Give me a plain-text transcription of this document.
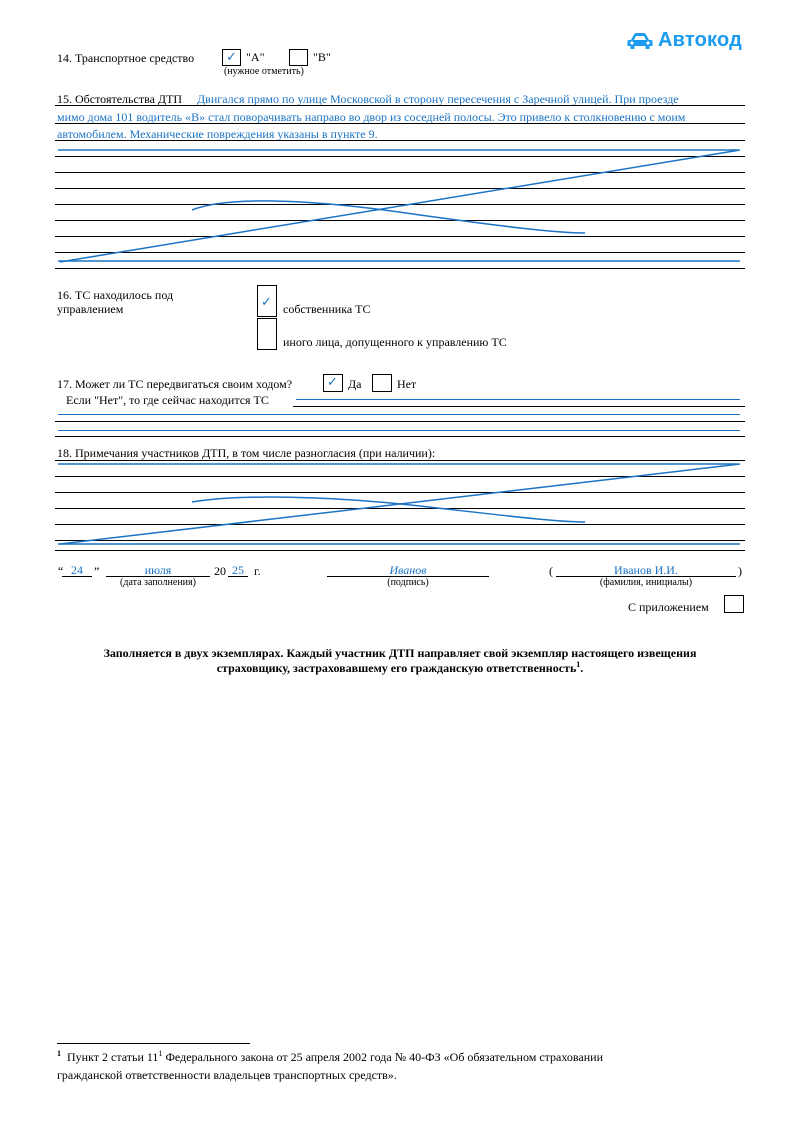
Автокод
14. Транспортное средство ✓ "А"	"В"
(нужное отметить)
15. Обстоятельства ДТП Двигался прямо по улице Московской в сторону пересечения с Заречной улицей. При проезде
мимо дома 101 водитель «В» стал поворачивать направо во двор из соседней полосы. Это привело к столкновению с моим
автомобилем. Механические повреждения указаны в пункте 9.
16. ТС находилось под
управлением	✓ собственника ТС
иного лица, допущенного к управлению ТС
17. Может ли ТС передвигаться своим ходом?	✓ Да	Нет
Если "Нет", то где сейчас находится ТС
18. Примечания участников ДТП, в том числе разногласия (при наличии):
“ 24 ”	июля	20 25 г.
(дата заполнения)
Иванов
(подпись)
(	Иванов И.И.	)
(фамилия, инициалы)
С приложением
Заполняется в двух экземплярах. Каждый участник ДТП направляет свой экземпляр настоящего извещения
страховщику, застраховавшему его гражданскую ответственность$^1$.
$^1$ Пункт 2 статьи $11^1$ Федерального закона от 25 апреля 2002 года № 40-ФЗ «Об обязательном страховании
гражданской ответственности владельцев транспортных средств».
